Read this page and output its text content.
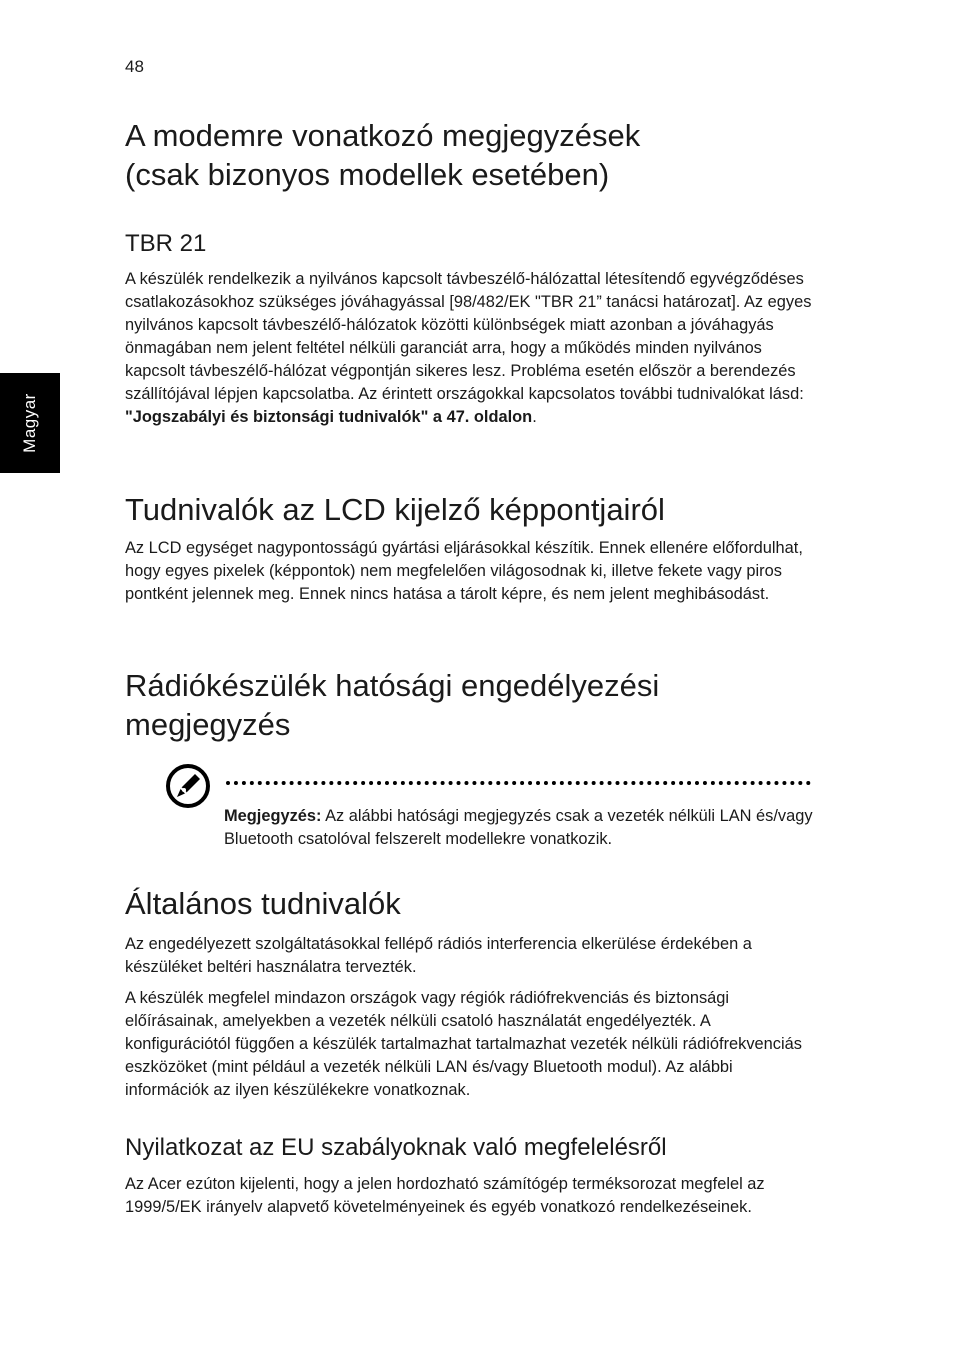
48
Magyar
A modemre vonatkozó megjegyzések
(csak bizonyos modellek esetében)
TBR 21

A készülék rendelkezik a nyilvános kapcsolt távbeszélő-hálózattal létesítendő egyvégződéses csatlakozásokhoz szükséges jóváhagyással [98/482/EK "TBR 21” tanácsi határozat]. Az egyes nyilvános kapcsolt távbeszélő-hálózatok közötti különbségek miatt azonban a jóváhagyás önmagában nem jelent feltétel nélküli garanciát arra, hogy a működés minden nyilvános kapcsolt távbeszélő-hálózat végpontján sikeres lesz. Probléma esetén először a berendezés szállítójával lépjen kapcsolatba. Az érintett országokkal kapcsolatos további tudnivalókat lásd: "Jogszabályi és biztonsági tudnivalók" a 47. oldalon.

Tudnivalók az LCD kijelző képpontjairól

Az LCD egységet nagypontosságú gyártási eljárásokkal készítik. Ennek ellenére előfordulhat, hogy egyes pixelek (képpontok) nem megfelelően világosodnak ki, illetve fekete vagy piros pontként jelennek meg. Ennek nincs hatása a tárolt képre, és nem jelent meghibásodást.

Rádiókészülék hatósági engedélyezési
megjegyzés
Általános tudnivalók

Az engedélyezett szolgáltatásokkal fellépő rádiós interferencia elkerülése érdekében a készüléket beltéri használatra tervezték.

A készülék megfelel mindazon országok vagy régiók rádiófrekvenciás és biztonsági előírásainak, amelyekben a vezeték nélküli csatoló használatát engedélyezték. A konfigurációtól függően a készülék tartalmazhat tartalmazhat vezeték nélküli rádiófrekvenciás eszközöket (mint például a vezeték nélküli LAN és/vagy Bluetooth modul). Az alábbi információk az ilyen készülékekre vonatkoznak.

Nyilatkozat az EU szabályoknak való megfelelésről

Az Acer ezúton kijelenti, hogy a jelen hordozható számítógép terméksorozat megfelel az 1999/5/EK irányelv alapvető követelményeinek és egyéb vonatkozó rendelkezéseinek.

Megjegyzés: Az alábbi hatósági megjegyzés csak a vezeték nélküli LAN és/vagy Bluetooth csatolóval felszerelt modellekre vonatkozik.
